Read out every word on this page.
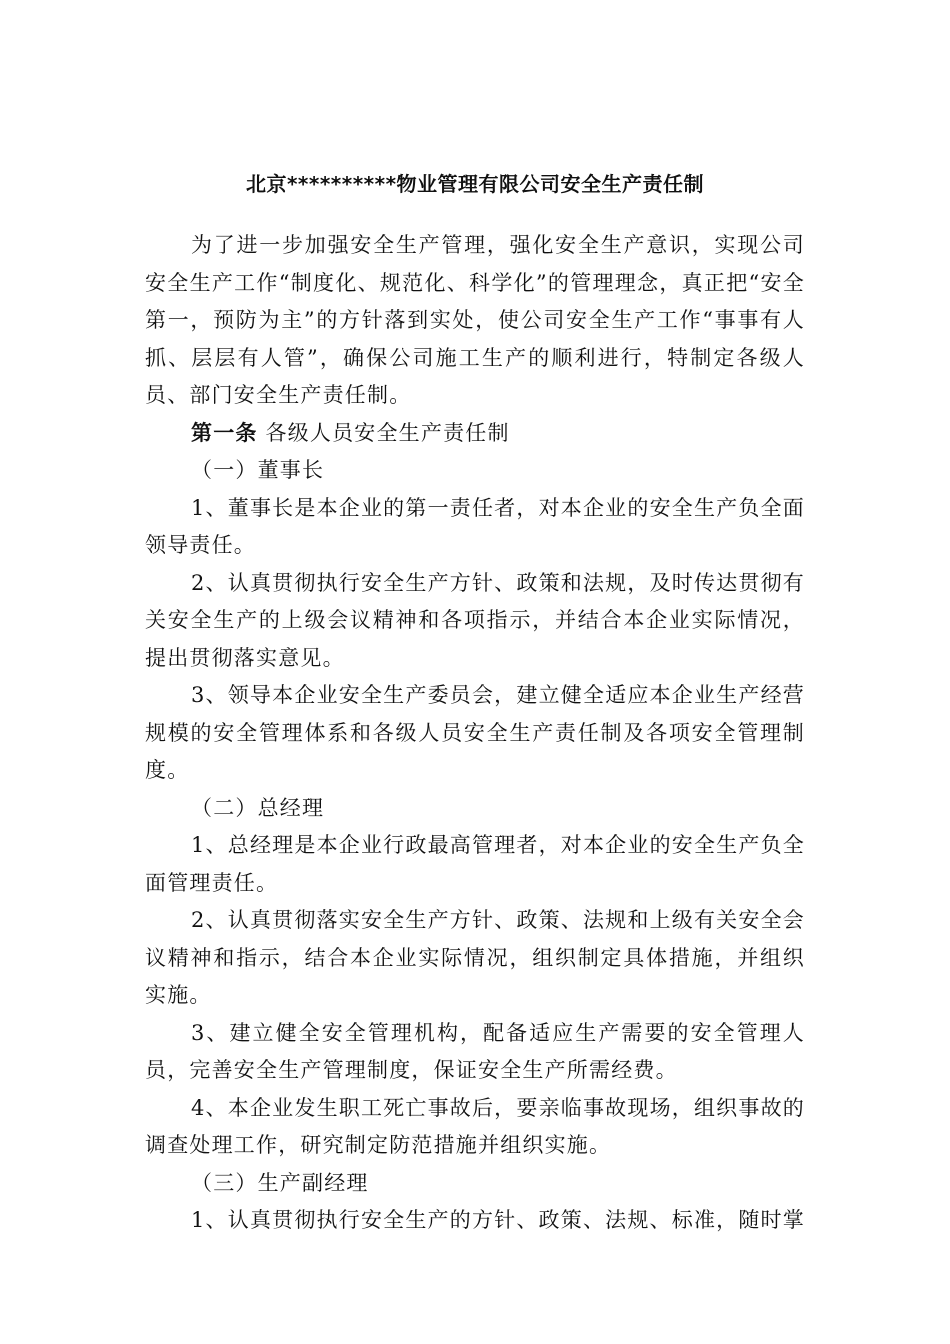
北京**********物业管理有限公司安全生产责任制

为了进一步加强安全生产管理，强化安全生产意识，实现公司安全生产工作“制度化、规范化、科学化”的管理理念，真正把“安全第一，预防为主”的方针落到实处，使公司安全生产工作“事事有人抓、层层有人管”，确保公司施工生产的顺利进行，特制定各级人员、部门安全生产责任制。

第一条 各级人员安全生产责任制

（一）董事长

1、董事长是本企业的第一责任者，对本企业的安全生产负全面领导责任。

2、认真贯彻执行安全生产方针、政策和法规，及时传达贯彻有关安全生产的上级会议精神和各项指示，并结合本企业实际情况，提出贯彻落实意见。

3、领导本企业安全生产委员会，建立健全适应本企业生产经营规模的安全管理体系和各级人员安全生产责任制及各项安全管理制度。

（二）总经理

1、总经理是本企业行政最高管理者，对本企业的安全生产负全面管理责任。

2、认真贯彻落实安全生产方针、政策、法规和上级有关安全会议精神和指示，结合本企业实际情况，组织制定具体措施，并组织实施。

3、建立健全安全管理机构，配备适应生产需要的安全管理人员，完善安全生产管理制度，保证安全生产所需经费。

4、本企业发生职工死亡事故后，要亲临事故现场，组织事故的调查处理工作，研究制定防范措施并组织实施。

（三）生产副经理

1、认真贯彻执行安全生产的方针、政策、法规、标准，随时掌
